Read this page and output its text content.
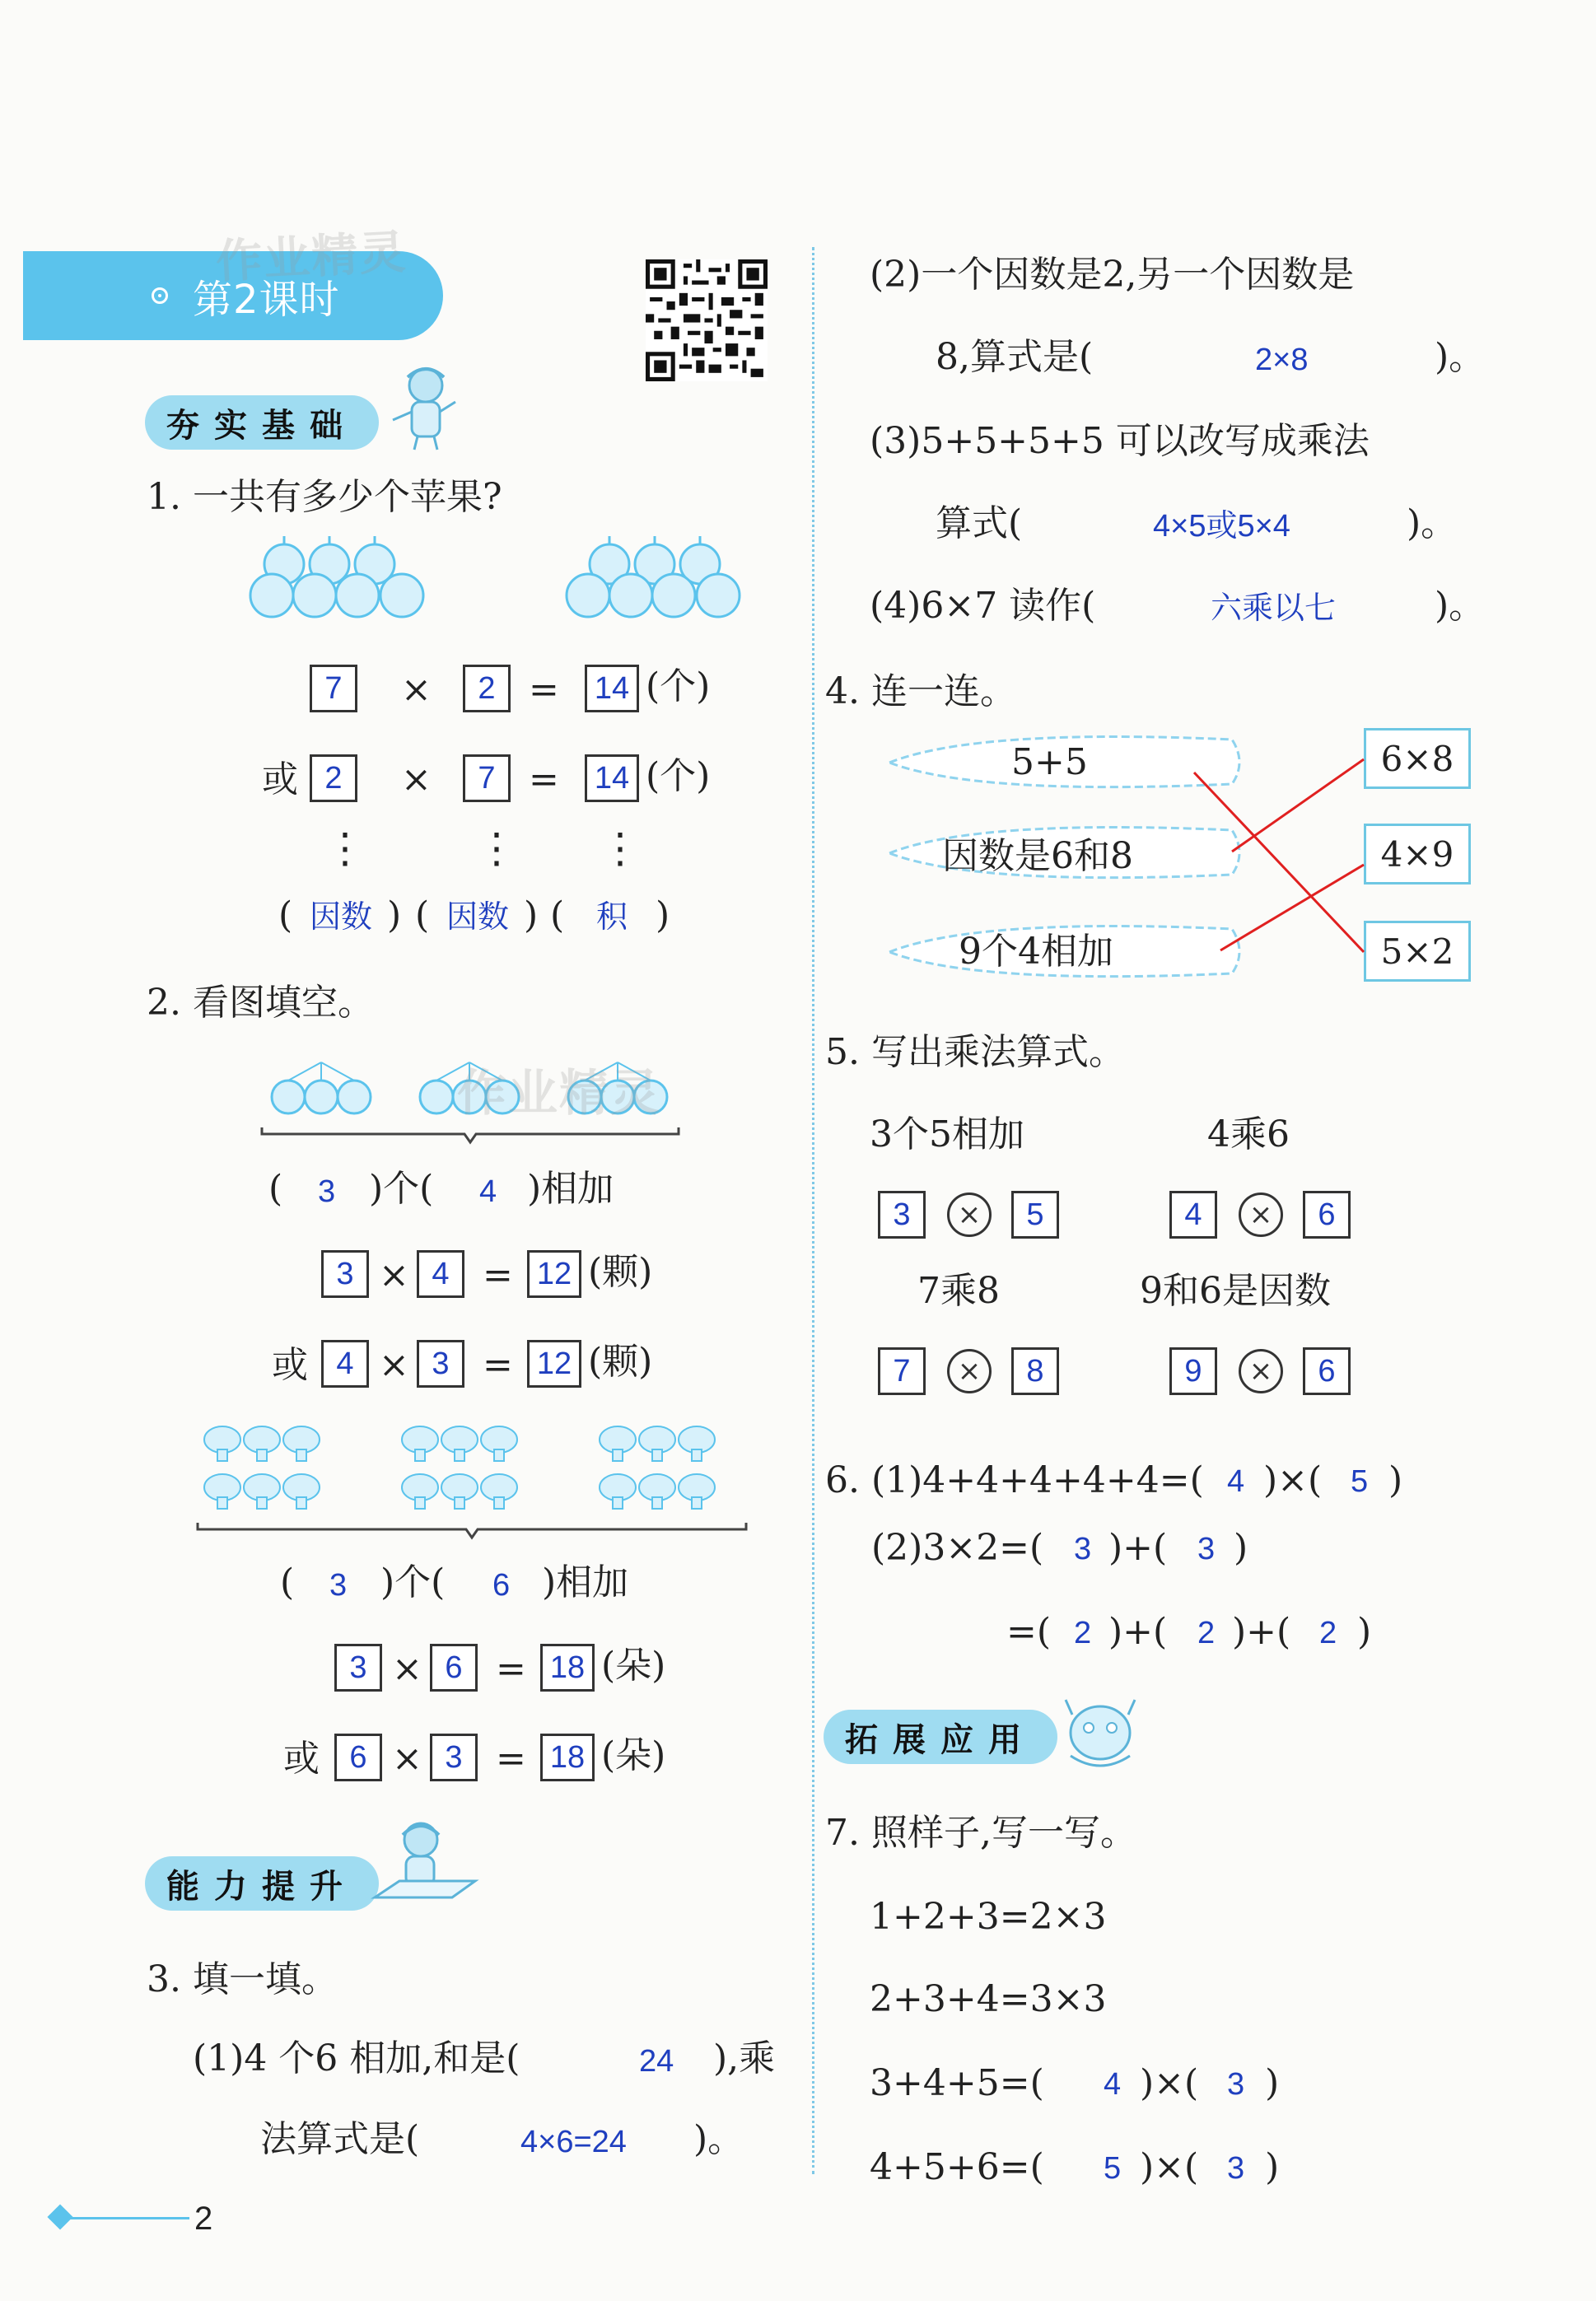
第2课时
作业精灵
夯实基础
1. 一共有多少个苹果?
7	×	2 =	14 (个)
或 2	×	7 =	14 (个)
⋮	⋮ ⋮
( 因数 ) ( 因数 ) ( 积 )
2. 看图填空。
作业精灵
( 3 )个( 4 )相加
3 × 4 = 12 (颗)
或 4 × 3 = 12 (颗)
( 3 )个( 6 )相加
3 × 6 = 18 (朵)
或 6 × 3 = 18 (朵)
能力提升
3. 填一填。
(1)4 个6 相加,和是(	24 ),乘
法算式是(	4×6=24 )。
(2)一个因数是2,另一个因数是
8,算式是(	2×8	)。
(3)5+5+5+5 可以改写成乘法
算式(	4×5或5×4	)。
(4)6×7 读作(	六乘以七	)。
4. 连一连。
5+5
因数是6和8
9个4相加
6×8
4×9
5×2
5. 写出乘法算式。
3个5相加
3	×	5
4乘6
4	×	6
7乘8
7	×	8
9和6是因数
9	×	6
6. (1)4+4+4+4+4=( 4 )×( 5 )
(2)3×2=( 3 )+( 3 )
=( 2 )+( 2 )+( 2 )
拓展应用
7. 照样子,写一写。
1+2+3=2×3
2+3+4=3×3
3+4+5=( 4 )×( 3 )
4+5+6=( 5 )×( 3 )
2
